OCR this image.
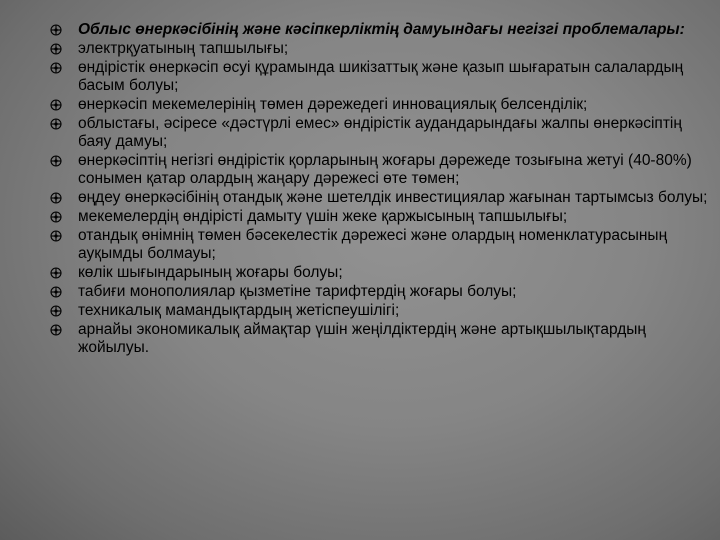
Облыс өнеркәсібінің және кәсіпкерліктің дамуындағы негізгі проблемалары:
электрқуатының тапшылығы;
өндірістік өнеркәсіп өсуі құрамында шикізаттық және қазып шығаратын салалардың басым болуы;
өнеркәсіп мекемелерінің төмен дәрежедегі инновациялық белсенділік;
облыстағы, әсіресе «дәстүрлі емес» өндірістік аудандарындағы жалпы өнеркәсіптің баяу дамуы;
өнеркәсіптің негізгі өндірістік қорларының жоғары дәрежеде тозығына жетуі (40-80%) сонымен қатар олардың жаңару дәрежесі өте төмен;
өңдеу өнеркәсібінің отандық және шетелдік инвестициялар жағынан тартымсыз болуы;
мекемелердің өндірісті дамыту үшін жеке қаржысының тапшылығы;
отандық өнімнің төмен бәсекелестік дәрежесі және олардың номенклатурасының ауқымды болмауы;
көлік шығындарының жоғары болуы;
табиғи монополиялар қызметіне тарифтердің жоғары болуы;
техникалық мамандықтардың жетіспеушілігі;
арнайы экономикалық аймақтар үшін жеңілдіктердің және артықшылықтардың жойылуы.
